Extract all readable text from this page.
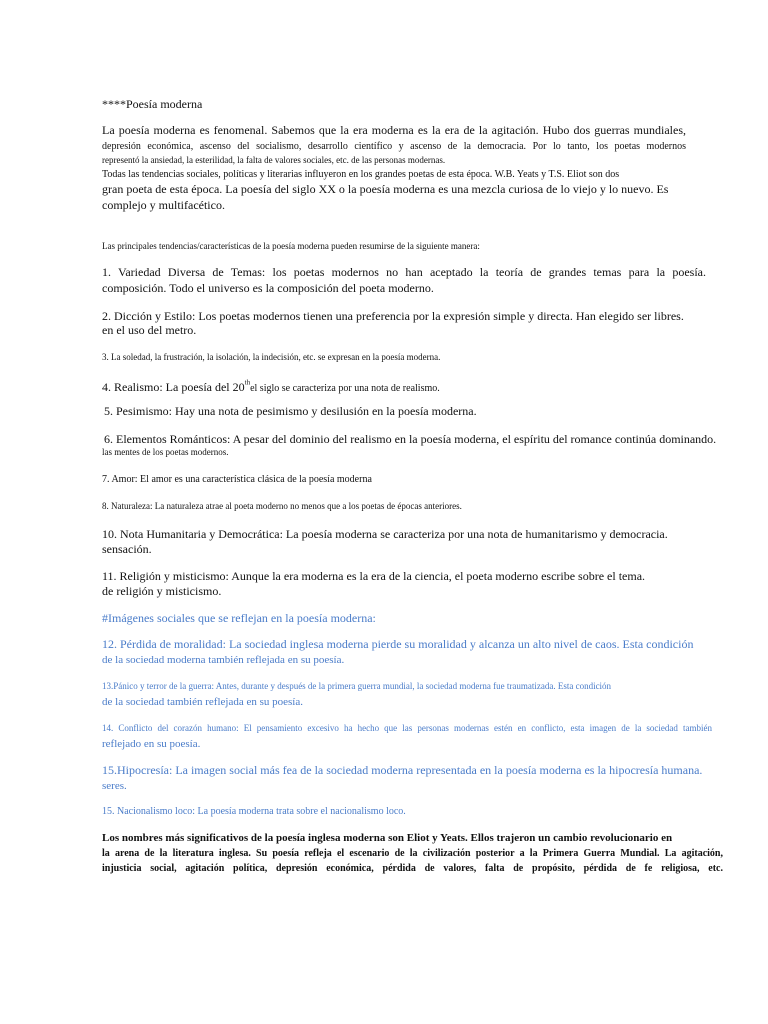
****Poesía moderna
La poesía moderna es fenomenal. Sabemos que la era moderna es la era de la agitación. Hubo dos guerras mundiales,
depresión económica, ascenso del socialismo, desarrollo científico y ascenso de la democracia. Por lo tanto, los poetas modernos
representó la ansiedad, la esterilidad, la falta de valores sociales, etc. de las personas modernas.
Todas las tendencias sociales, políticas y literarias influyeron en los grandes poetas de esta época. W.B. Yeats y T.S. Eliot son dos
gran poeta de esta época. La poesía del siglo XX o la poesía moderna es una mezcla curiosa de lo viejo y lo nuevo. Es
complejo y multifacético.
Las principales tendencias/características de la poesía moderna pueden resumirse de la siguiente manera:
1. Variedad Diversa de Temas: los poetas modernos no han aceptado la teoría de grandes temas para la poesía.
composición. Todo el universo es la composición del poeta moderno.
2. Dicción y Estilo: Los poetas modernos tienen una preferencia por la expresión simple y directa. Han elegido ser libres.
en el uso del metro.
3. La soledad, la frustración, la isolación, la indecisión, etc. se expresan en la poesía moderna.
4. Realismo: La poesía del 20thel siglo se caracteriza por una nota de realismo.
5. Pesimismo: Hay una nota de pesimismo y desilusión en la poesía moderna.
6. Elementos Románticos: A pesar del dominio del realismo en la poesía moderna, el espíritu del romance continúa dominando.
las mentes de los poetas modernos.
7. Amor: El amor es una característica clásica de la poesía moderna
8. Naturaleza: La naturaleza atrae al poeta moderno no menos que a los poetas de épocas anteriores.
10. Nota Humanitaria y Democrática: La poesía moderna se caracteriza por una nota de humanitarismo y democracia.
sensación.
11. Religión y misticismo: Aunque la era moderna es la era de la ciencia, el poeta moderno escribe sobre el tema.
de religión y misticismo.
#Imágenes sociales que se reflejan en la poesía moderna:
12. Pérdida de moralidad: La sociedad inglesa moderna pierde su moralidad y alcanza un alto nivel de caos. Esta condición
de la sociedad moderna también reflejada en su poesía.
13.Pánico y terror de la guerra: Antes, durante y después de la primera guerra mundial, la sociedad moderna fue traumatizada. Esta condición
de la sociedad también reflejada en su poesía.
14. Conflicto del corazón humano: El pensamiento excesivo ha hecho que las personas modernas estén en conflicto, esta imagen de la sociedad también
reflejado en su poesía.
15.Hipocresía: La imagen social más fea de la sociedad moderna representada en la poesía moderna es la hipocresía humana.
seres.
15. Nacionalismo loco: La poesía moderna trata sobre el nacionalismo loco.
Los nombres más significativos de la poesía inglesa moderna son Eliot y Yeats. Ellos trajeron un cambio revolucionario en
la arena de la literatura inglesa. Su poesía refleja el escenario de la civilización posterior a la Primera Guerra Mundial. La agitación,
injusticia social, agitación política, depresión económica, pérdida de valores, falta de propósito, pérdida de fe religiosa, etc.
